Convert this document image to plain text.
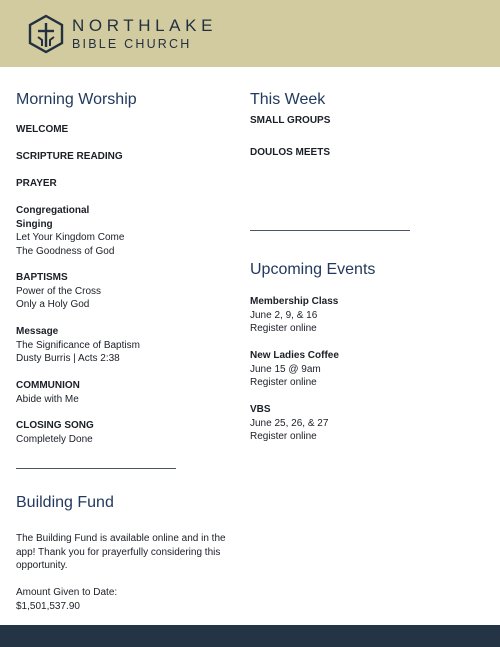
NORTHLAKE
BIBLE CHURCH
Morning Worship
WELCOME
SCRIPTURE READING
PRAYER
Congregational
Singing
Let Your Kingdom Come
The Goodness of God
BAPTISMS
Power of the Cross
Only a Holy God
Message
The Significance of Baptism
Dusty Burris | Acts 2:38
COMMUNION
Abide with Me
CLOSING SONG
Completely Done
Building Fund
The Building Fund is available online and in the app! Thank you for prayerfully considering this opportunity.
Amount Given to Date:
$1,501,537.90
This Week
SMALL GROUPS
DOULOS MEETS
Upcoming Events
Membership Class
June 2, 9, & 16
Register online
New Ladies Coffee
June 15 @ 9am
Register online
VBS
June 25, 26, & 27
Register online
